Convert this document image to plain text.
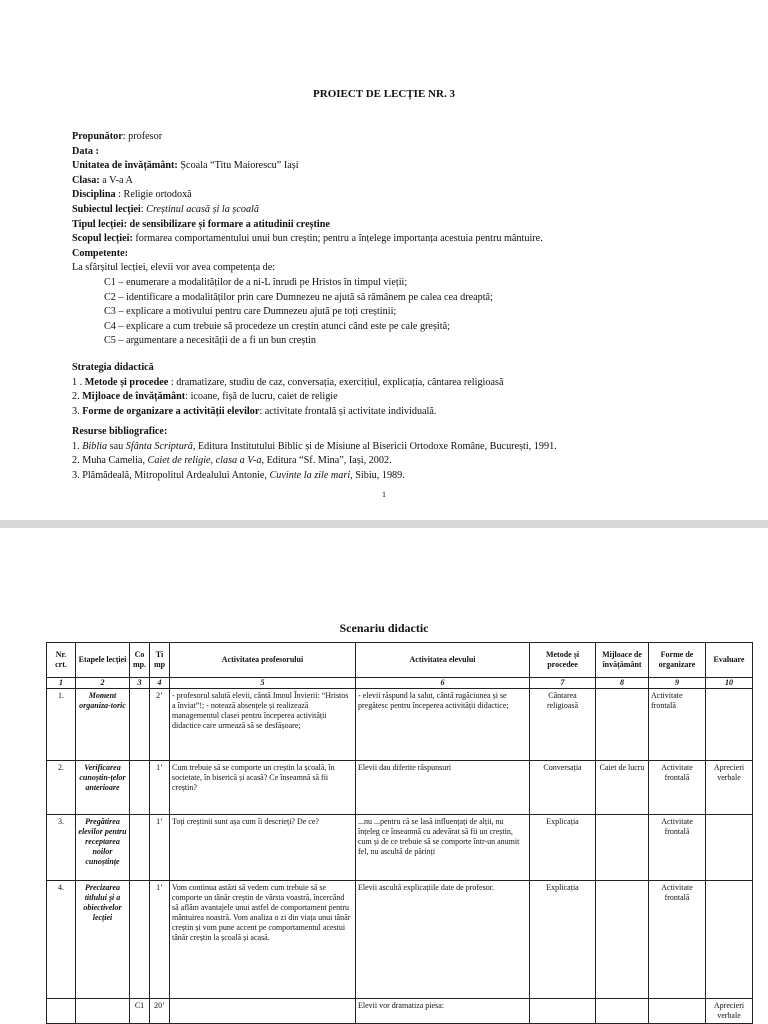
PROIECT DE LECȚIE NR. 3

Propunător: profesor

Data :

Unitatea de învățământ: Școala “Titu Maiorescu” Iași

Clasa: a V-a A

Disciplina : Religie ortodoxă

Subiectul lecției: Creștinul acasă și la școală

Tipul lecției: de sensibilizare și formare a atitudinii creștine

Scopul lecției: formarea comportamentului unui bun creștin; pentru a înțelege importanța acestuia pentru mântuire.

Competente:

La sfârșitul lecției, elevii vor avea competența de:

C1 – enumerare a modalităților de a ni-L înrudi pe Hristos în timpul vieții;

C2 – identificare a modalităților prin care Dumnezeu ne ajută să rămânem pe calea cea dreaptă;

C3 – explicare a motivului pentru care Dumnezeu ajută pe toți creștinii;

C4 – explicare a cum trebuie să procedeze un creștin atunci când este pe cale greșită;

C5 – argumentare a necesității de a fi un bun creștin

Strategia didactică

1 . Metode și procedee : dramatizare, studiu de caz, conversația, exercițiul, explicația, cântarea religioasă

2. Mijloace de învățământ: icoane, fișă de lucru, caiet de religie

3. Forme de organizare a activității elevilor: activitate frontală și activitate individuală.

Resurse bibliografice:

1. Biblia sau Sfânta Scriptură, Editura Institutului Biblic și de Misiune al Bisericii Ortodoxe Române, București, 1991.

2. Muha Camelia, Caiet de religie, clasa a V-a, Editura “Sf. Mina”, Iași, 2002.

3. Plămădeală, Mitropolitul Ardealului Antonie, Cuvinte la zile mari, Sibiu, 1989.

1
Scenariu didactic
Nr. crt.	Etapele lecției	Co mp.	Ti mp	Activitatea profesorului	Activitatea elevului	Metode și procedee	Mijloace de învățământ	Forme de organizare	Evaluare
1	2	3	4	5	6	7	8	9	10
1.	Moment organiza-toric		2’	- profesorul salută elevii, cântă Imnul Învierii: “Hristos a înviat”!; - notează absențele și realizează managementul clasei pentru începerea activității didactice care urmează să se desfășoare;	- elevii răspund la salut, cântă rugăciunea și se pregătesc pentru începerea activității didactice;	Cântarea religioasă		Activitate frontală	
2.	Verificarea cunoștin-țelor anterioare		1’	Cum trebuie să se comporte un creștin la școală, în societate, în biserică și acasă? Ce înseamnă să fii creștin?	Elevii dau diferite răspunsuri	Conversația	Caiet de lucru	Activitate frontală	Aprecieri verbale
3.	Pregătirea elevilor pentru receptarea noilor cunoștințe		1’	Toți creștinii sunt așa cum îi descrieți? De ce?	...nu ...pentru că se lasă influențați de alții, nu înțeleg ce înseamnă cu adevărat să fii un creștin, cum și de ce trebuie să se comporte într-un anumit fel, nu ascultă de părinți	Explicația		Activitate frontală	
4.	Precizarea titlului și a obiectivelor lecției		1’	Vom continua astăzi să vedem cum trebuie să se comporte un tânăr creștin de vârsta voastră, încercând să aflăm avantajele unui astfel de comportament pentru mântuirea noastră. Vom analiza o zi din viața unui tânăr creștin și vom pune accent pe comportamentul acestui tânăr creștin la școală și acasă.	Elevii ascultă explicațiile date de profesor.	Explicația		Activitate frontală	
		C1	20’		Elevii vor dramatiza piesa:				Aprecieri verbale
